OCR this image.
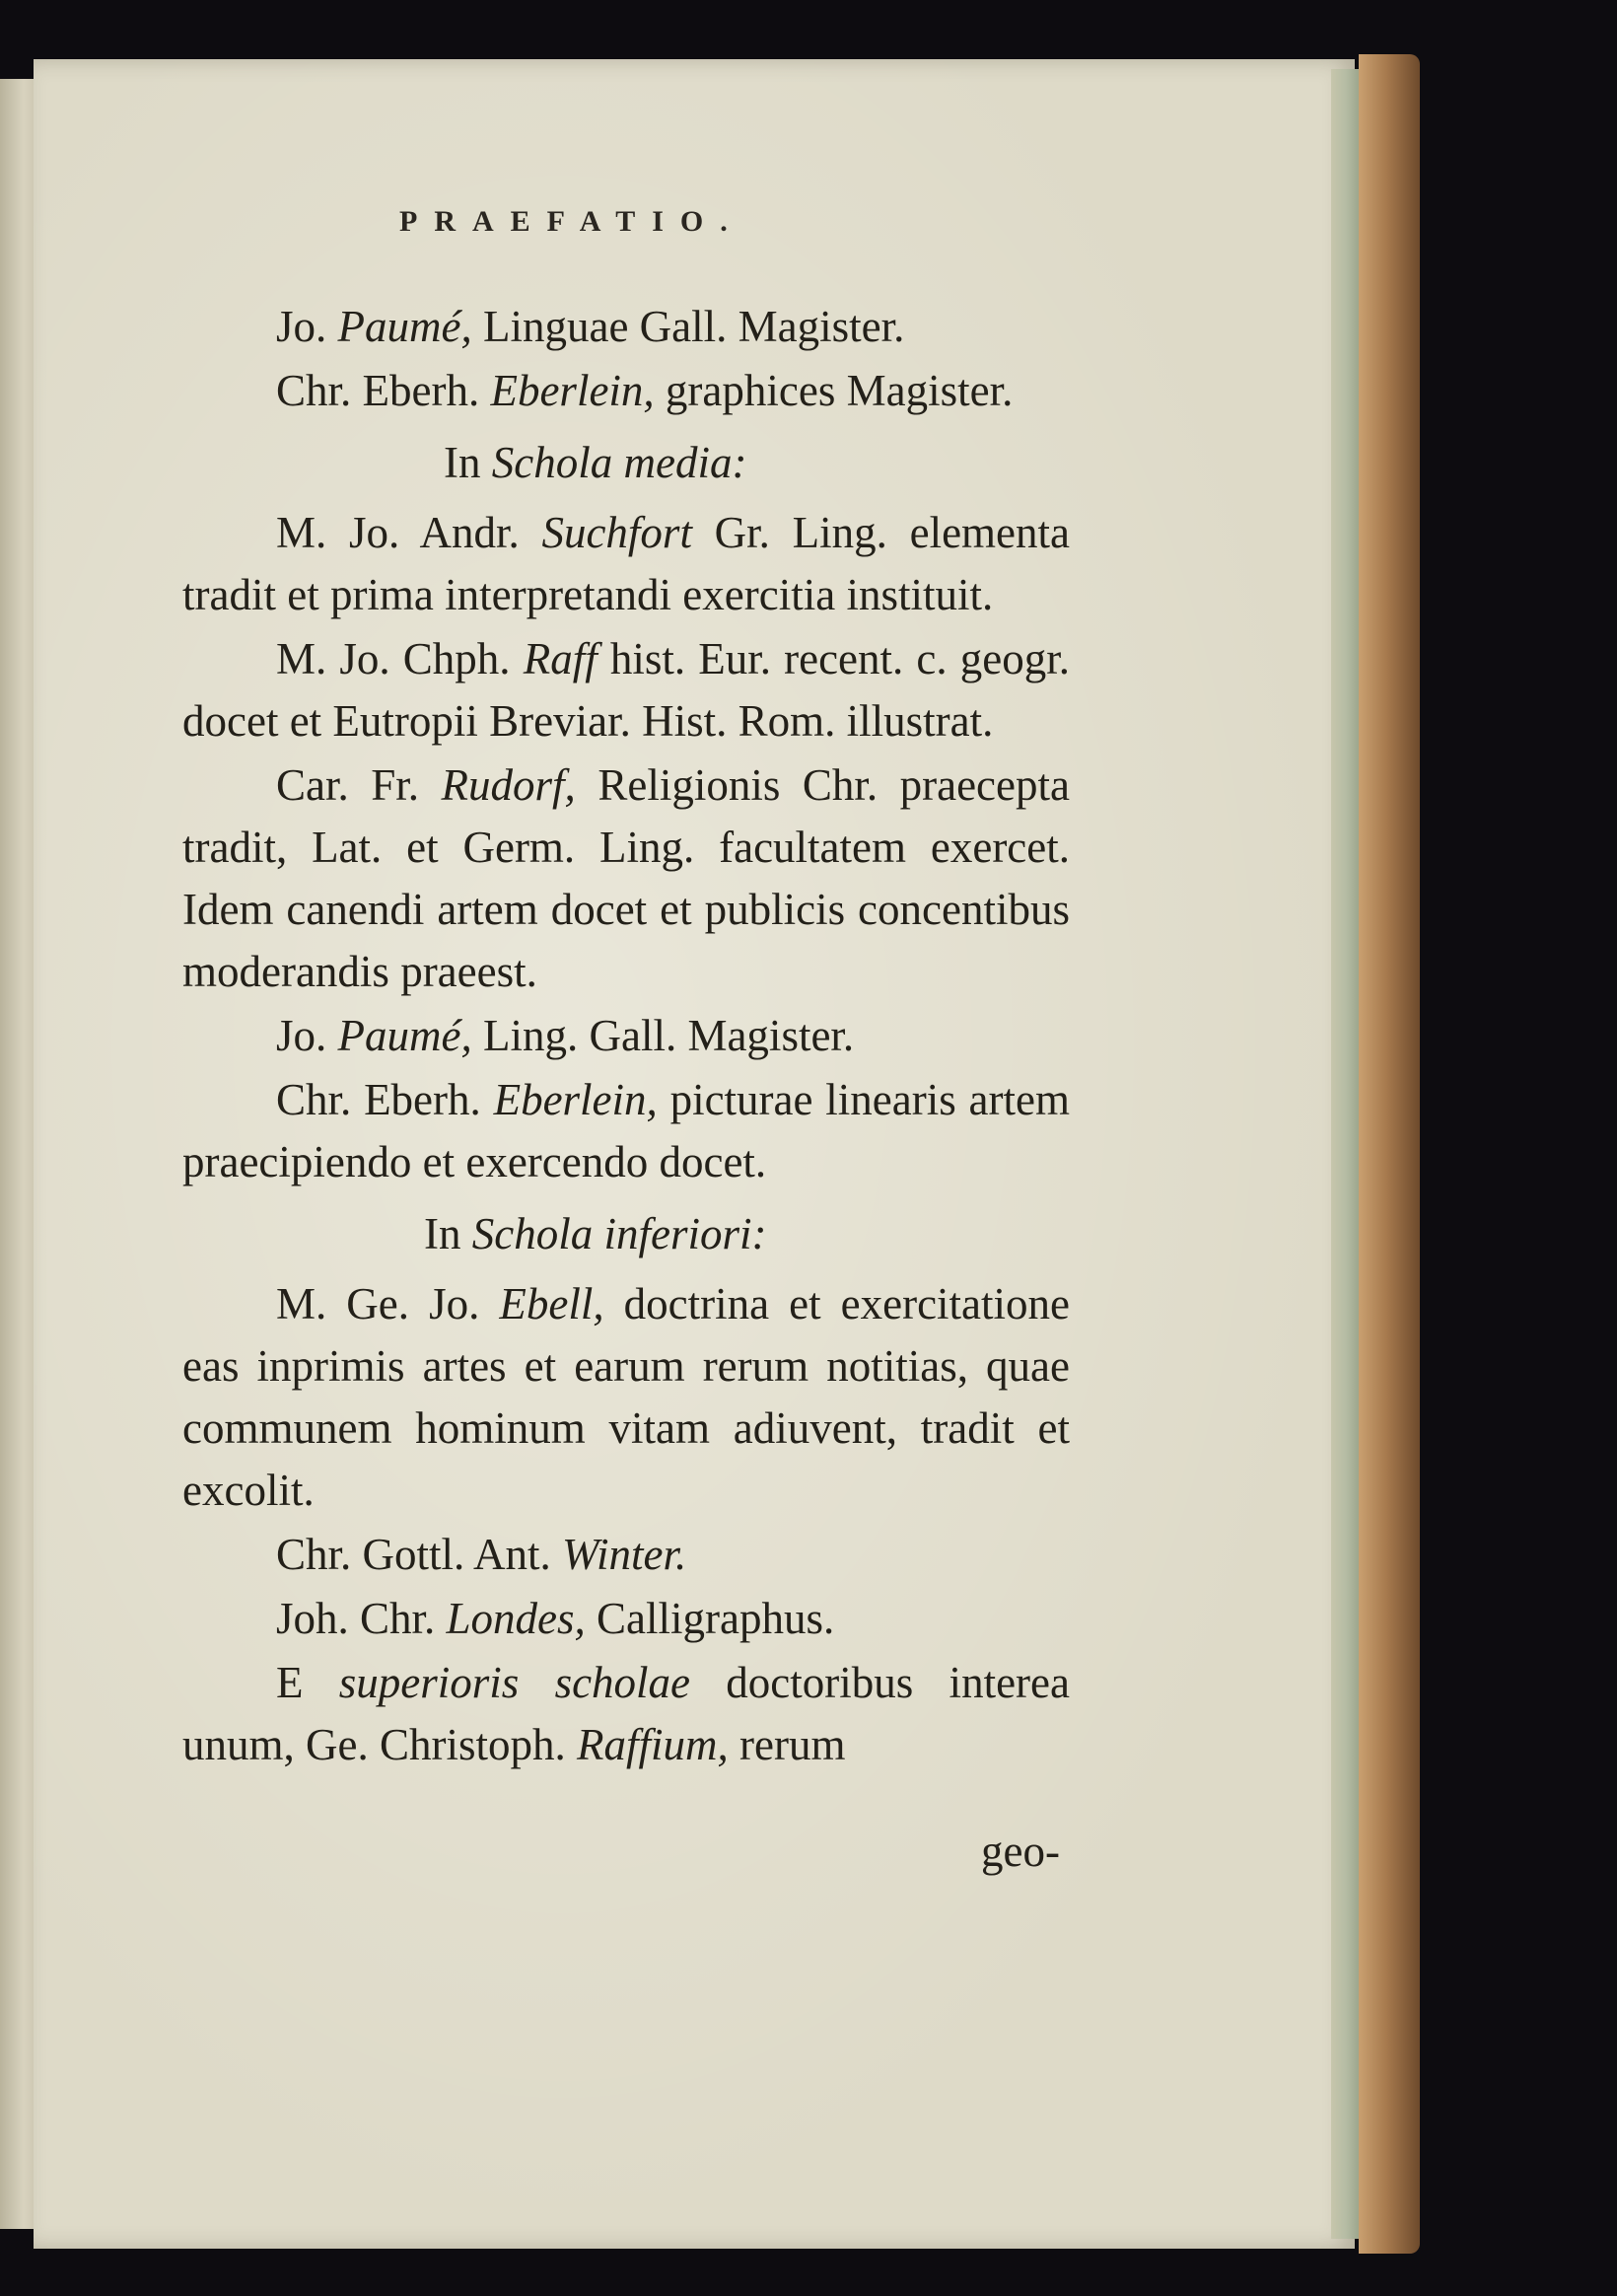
PRAEFATIO.

Jo. Paumé, Linguae Gall. Magister.

Chr. Eberh. Eberlein, graphices Magister.

In Schola media:

M. Jo. Andr. Suchfort Gr. Ling. elementa tradit et prima interpretandi exercitia instituit.

M. Jo. Chph. Raff hist. Eur. recent. c. geogr. docet et Eutropii Breviar. Hist. Rom. illustrat.

Car. Fr. Rudorf, Religionis Chr. praecepta tradit, Lat. et Germ. Ling. facultatem exercet. Idem canendi artem docet et publicis concentibus moderandis praeest.

Jo. Paumé, Ling. Gall. Magister.

Chr. Eberh. Eberlein, picturae linearis artem praecipiendo et exercendo docet.

In Schola inferiori:

M. Ge. Jo. Ebell, doctrina et exercitatione eas inprimis artes et earum rerum notitias, quae communem hominum vitam adiuvent, tradit et excolit.

Chr. Gottl. Ant. Winter.

Joh. Chr. Londes, Calligraphus.

E superioris scholae doctoribus interea unum, Ge. Christoph. Raffium, rerum

geo-
